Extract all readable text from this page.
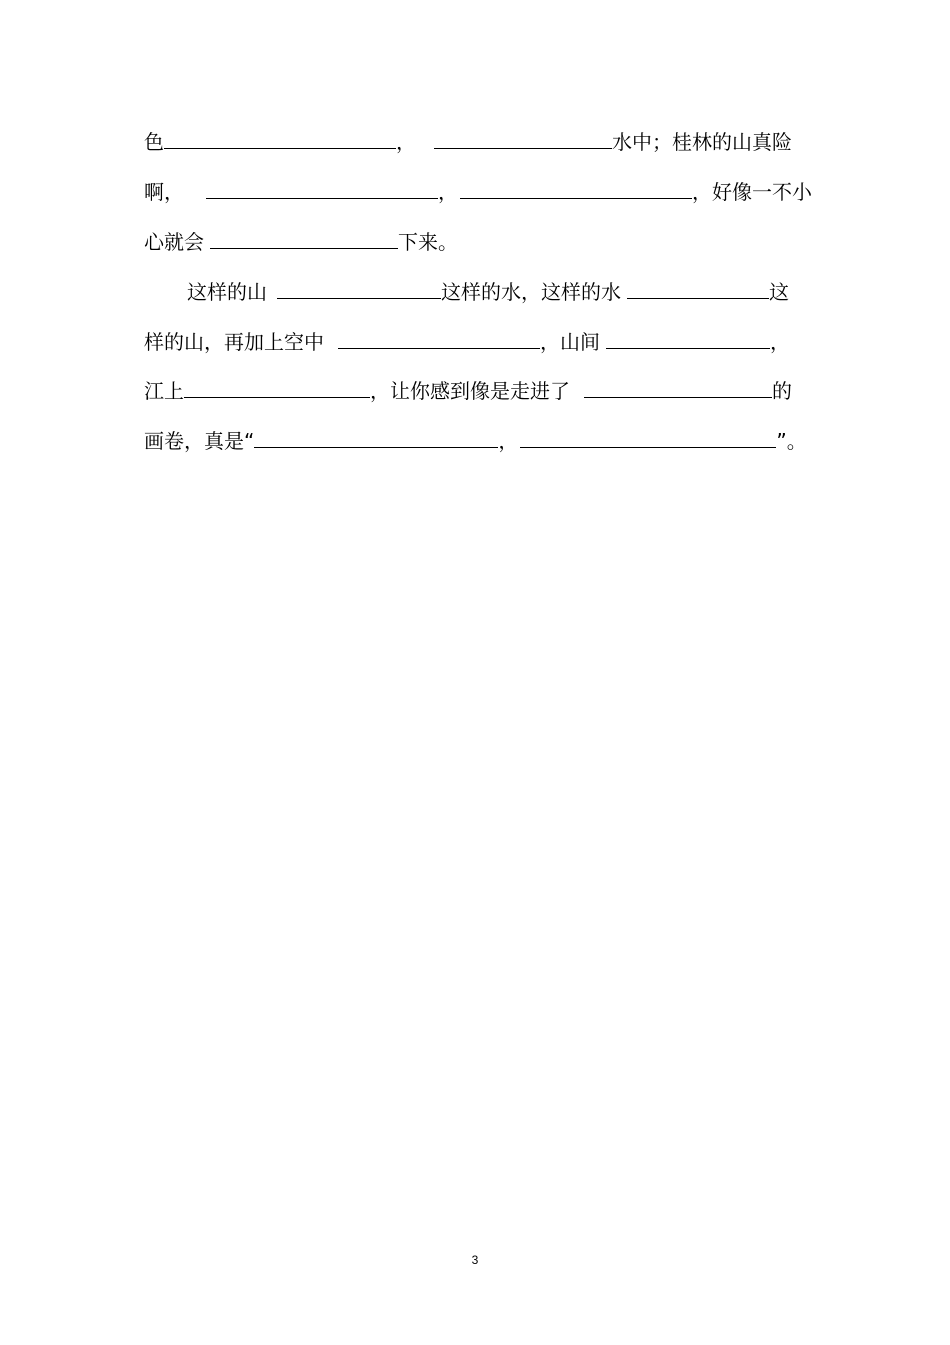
色	，	水中；桂林的山真险
啊，	，	，好像一不小
心就会	下来。
这样的山	这样的水，这样的水	这
样的山，再加上空中	，山间	，
江上	，让你感到像是走进了	的
画卷，真是“	，	”。
3
